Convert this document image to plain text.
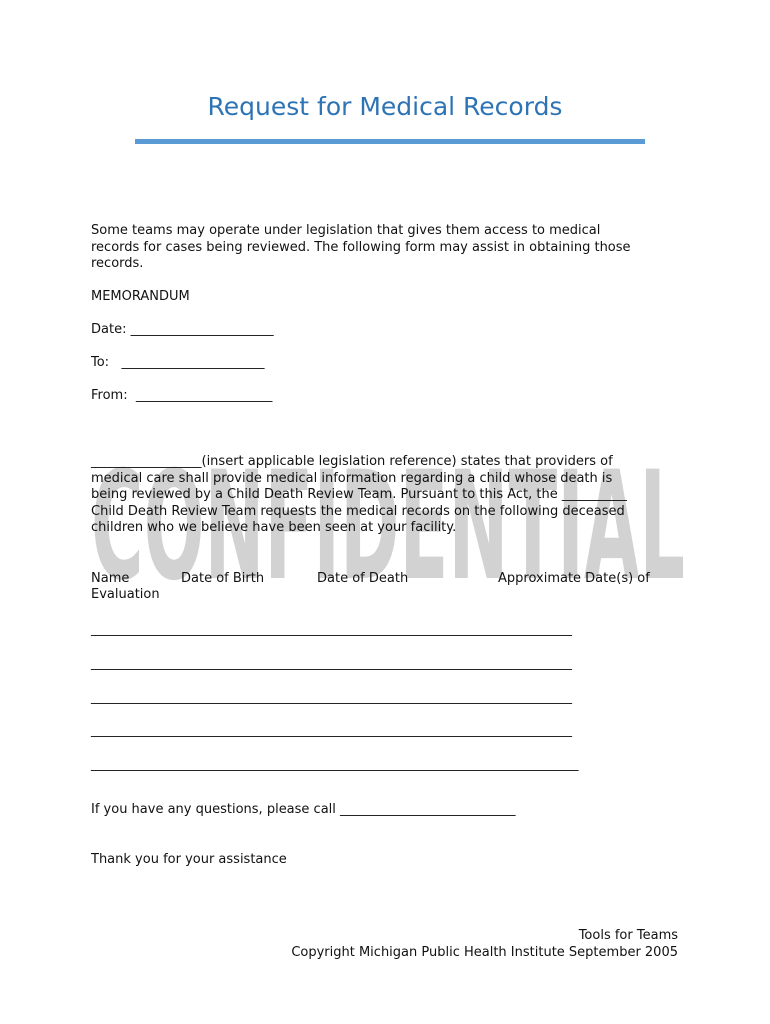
Request for Medical Records
CONFIDENTIAL
Some teams may operate under legislation that gives them access to medical
records for cases being reviewed. The following form may assist in obtaining those
records.
MEMORANDUM
Date: ______________________
To:   ______________________
From:  _____________________
_________________(insert applicable legislation reference) states that providers of
medical care shall provide medical information regarding a child whose death is
being reviewed by a Child Death Review Team. Pursuant to this Act, the __________
Child Death Review Team requests the medical records on the following deceased
children who we believe have been seen at your facility.
Name	Date of Birth	Date of Death	Approximate Date(s) of
Evaluation
__________________________________________________________________________
__________________________________________________________________________
__________________________________________________________________________
__________________________________________________________________________
___________________________________________________________________________
If you have any questions, please call ___________________________
Thank you for your assistance
Tools for Teams
Copyright Michigan Public Health Institute September 2005
